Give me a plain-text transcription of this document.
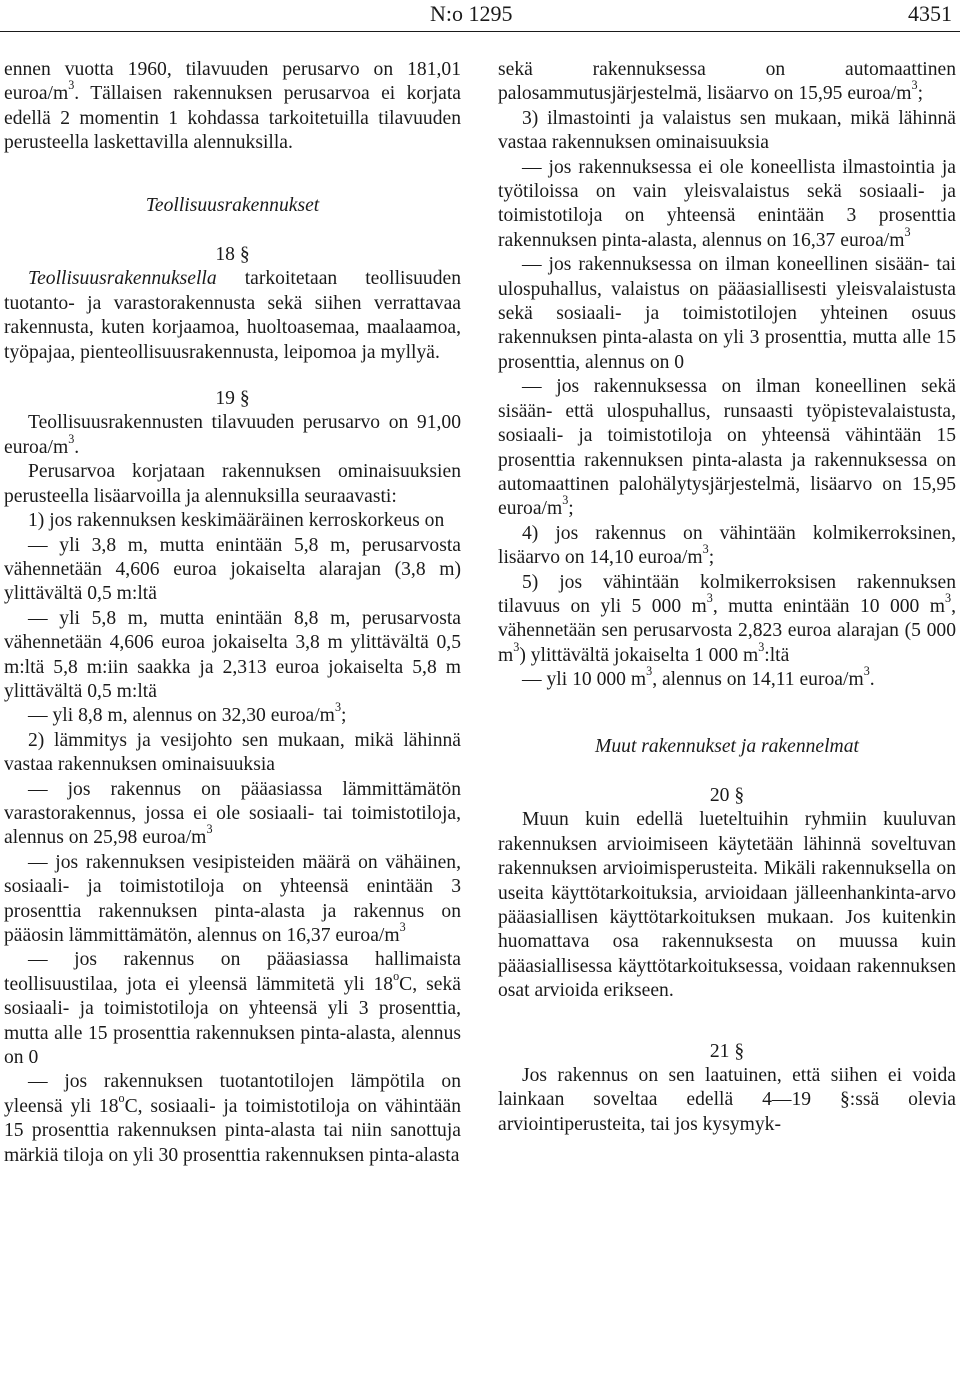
N:o 1295	4351

ennen vuotta 1960, tilavuuden perusarvo on 181,01 euroa/$m^3$. Tällaisen rakennuksen perusarvoa ei korjata edellä 2 momentin 1 kohdassa tarkoitetuilla tilavuuden perusteella laskettavilla alennuksilla.

Teollisuusrakennukset

18 §

Teollisuusrakennuksella tarkoitetaan teollisuuden tuotanto- ja varastorakennusta sekä siihen verrattavaa rakennusta, kuten korjaamoa, huoltoasemaa, maalaamoa, työpajaa, pienteollisuusrakennusta, leipomoa ja myllyä.

19 §

Teollisuusrakennusten tilavuuden perusarvo on 91,00 euroa/$m^3$.

Perusarvoa korjataan rakennuksen ominaisuuksien perusteella lisäarvoilla ja alennuksilla seuraavasti:

1) jos rakennuksen keskimääräinen kerroskorkeus on

— yli 3,8 m, mutta enintään 5,8 m, perusarvosta vähennetään 4,606 euroa jokaiselta alarajan (3,8 m) ylittävältä 0,5 m:ltä

— yli 5,8 m, mutta enintään 8,8 m, perusarvosta vähennetään 4,606 euroa jokaiselta 3,8 m ylittävältä 0,5 m:ltä 5,8 m:iin saakka ja 2,313 euroa jokaiselta 5,8 m ylittävältä 0,5 m:ltä

— yli 8,8 m, alennus on 32,30 euroa/$m^3$;

2) lämmitys ja vesijohto sen mukaan, mikä lähinnä vastaa rakennuksen ominaisuuksia

— jos rakennus on pääasiassa lämmittämätön varastorakennus, jossa ei ole sosiaali- tai toimistotiloja, alennus on 25,98 euroa/$m^3$

— jos rakennuksen vesipisteiden määrä on vähäinen, sosiaali- ja toimistotiloja on yhteensä enintään 3 prosenttia rakennuksen pinta-alasta ja rakennus on pääosin lämmittämätön, alennus on 16,37 euroa/$m^3$

— jos rakennus on pääasiassa hallimaista teollisuustilaa, jota ei yleensä lämmitetä yli 18$^o$C, sekä sosiaali- ja toimistotiloja on yhteensä yli 3 prosenttia, mutta alle 15 prosenttia rakennuksen pinta-alasta, alennus on 0

— jos rakennuksen tuotantotilojen lämpötila on yleensä yli 18$^o$C, sosiaali- ja toimistotiloja on vähintään 15 prosenttia rakennuksen pinta-alasta tai niin sanottuja märkiä tiloja on yli 30 prosenttia rakennuksen pinta-alasta

sekä rakennuksessa on automaattinen palosammutusjärjestelmä, lisäarvo on 15,95 euroa/$m^3$;

3) ilmastointi ja valaistus sen mukaan, mikä lähinnä vastaa rakennuksen ominaisuuksia

— jos rakennuksessa ei ole koneellista ilmastointia ja työtiloissa on vain yleisvalaistus sekä sosiaali- ja toimistotiloja on yhteensä enintään 3 prosenttia rakennuksen pinta-alasta, alennus on 16,37 euroa/$m^3$

— jos rakennuksessa on ilman koneellinen sisään- tai ulospuhallus, valaistus on pääasiallisesti yleisvalaistusta sekä sosiaali- ja toimistotilojen yhteinen osuus rakennuksen pinta-alasta on yli 3 prosenttia, mutta alle 15 prosenttia, alennus on 0

— jos rakennuksessa on ilman koneellinen sekä sisään- että ulospuhallus, runsaasti työpistevalaistusta, sosiaali- ja toimistotiloja on yhteensä vähintään 15 prosenttia rakennuksen pinta-alasta ja rakennuksessa on automaattinen palohälytysjärjestelmä, lisäarvo on 15,95 euroa/$m^3$;

4) jos rakennus on vähintään kolmikerroksinen, lisäarvo on 14,10 euroa/$m^3$;

5) jos vähintään kolmikerroksisen rakennuksen tilavuus on yli 5 000 $m^3$, mutta enintään 10 000 $m^3$, vähennetään sen perusarvosta 2,823 euroa alarajan (5 000 $m^3$) ylittävältä jokaiselta 1 000 $m^3:ltä$

— yli 10 000 $m^3$, alennus on 14,11 euroa/$m^3$.

Muut rakennukset ja rakennelmat

20 §

Muun kuin edellä lueteltuihin ryhmiin kuuluvan rakennuksen arvioimiseen käytetään lähinnä soveltuvan rakennuksen arvioimisperusteita. Mikäli rakennuksella on useita käyttötarkoituksia, arvioidaan jälleenhankinta-arvo pääasiallisen käyttötarkoituksen mukaan. Jos kuitenkin huomattava osa rakennuksesta on muussa kuin pääasiallisessa käyttötarkoituksessa, voidaan rakennuksen osat arvioida erikseen.

21 §

Jos rakennus on sen laatuinen, että siihen ei voida lainkaan soveltaa edellä 4—19 §:ssä olevia arviointiperusteita, tai jos kysymyk-
